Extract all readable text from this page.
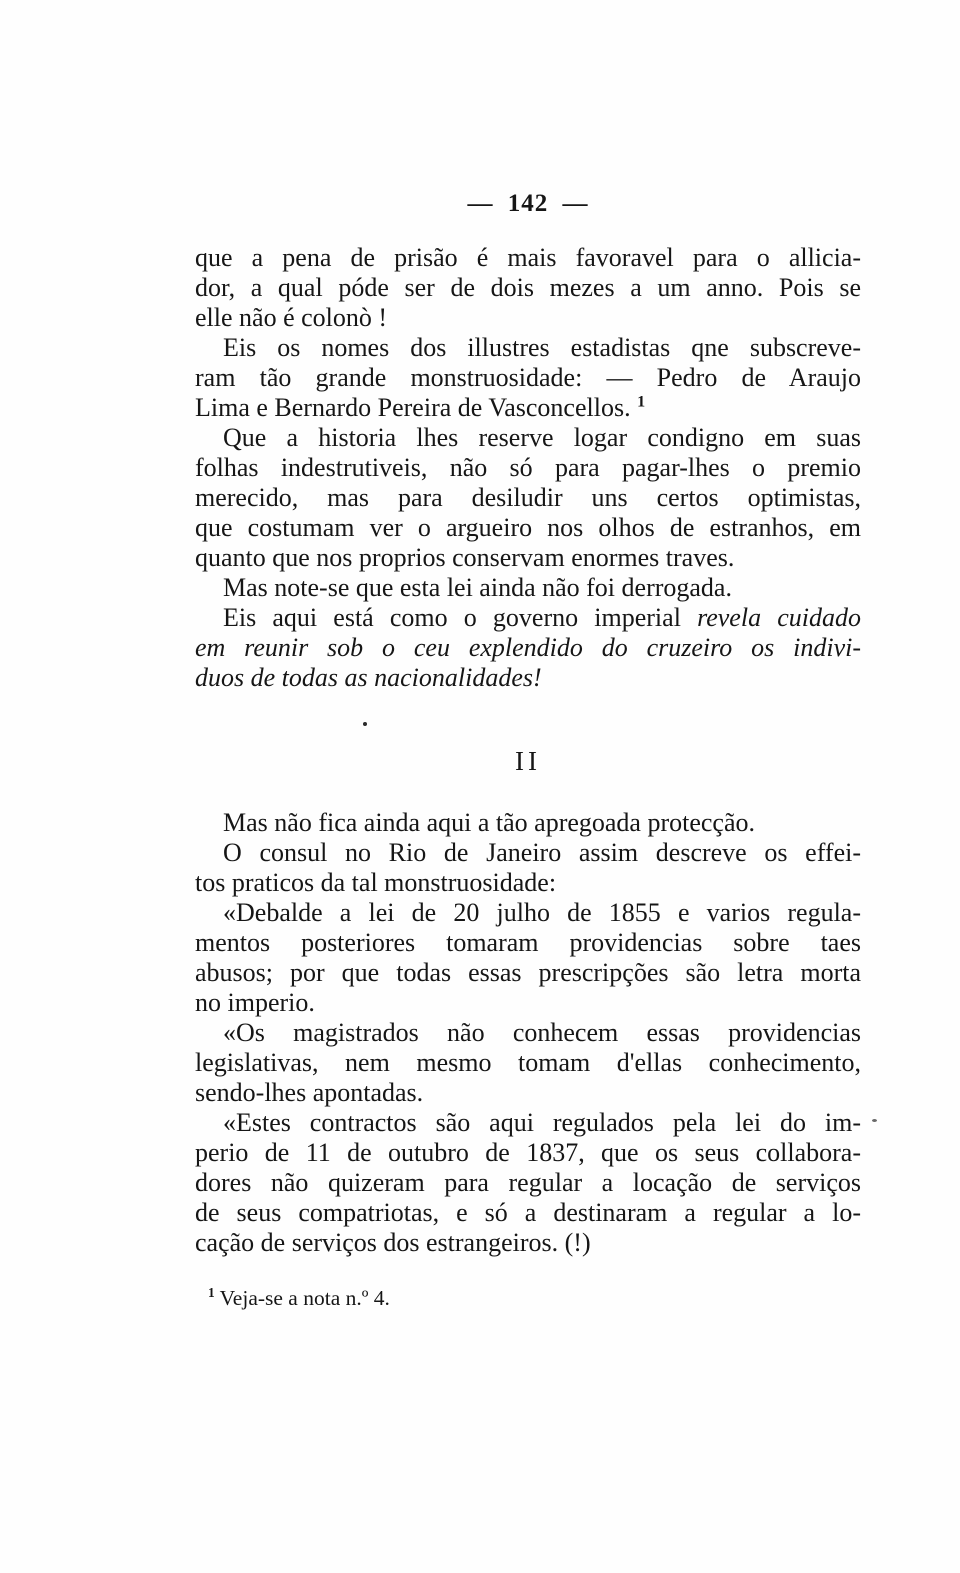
— 142 —
que a pena de prisão é mais favoravel para o allicia-
dor, a qual póde ser de dois mezes a um anno. Pois se
elle não é colonò !
Eis os nomes dos illustres estadistas qne subscreve-
ram tão grande monstruosidade: — Pedro de Araujo
Lima e Bernardo Pereira de Vasconcellos. $^1$
Que a historia lhes reserve logar condigno em suas
folhas indestrutiveis, não só para pagar-lhes o premio
merecido, mas para desiludir uns certos optimistas,
que costumam ver o argueiro nos olhos de estranhos, em
quanto que nos proprios conservam enormes traves.
Mas note-se que esta lei ainda não foi derrogada.
Eis aqui está como o governo imperial revela cuidado
em reunir sob o ceu explendido do cruzeiro os indivi-
duos de todas as nacionalidades!
II
Mas não fica ainda aqui a tão apregoada protecção.
O consul no Rio de Janeiro assim descreve os effei-
tos praticos da tal monstruosidade:
«Debalde a lei de 20 julho de 1855 e varios regula-
mentos posteriores tomaram providencias sobre taes
abusos; por que todas essas prescripções são letra morta
no imperio.
«Os magistrados não conhecem essas providencias
legislativas, nem mesmo tomam d'ellas conhecimento,
sendo-lhes apontadas.
«Estes contractos são aqui regulados pela lei do im-
perio de 11 de outubro de 1837, que os seus collabora-
dores não quizeram para regular a locação de serviços
de seus compatriotas, e só a destinaram a regular a lo-
cação de serviços dos estrangeiros. (!)
$^1$ Veja-se a nota n.º 4.
